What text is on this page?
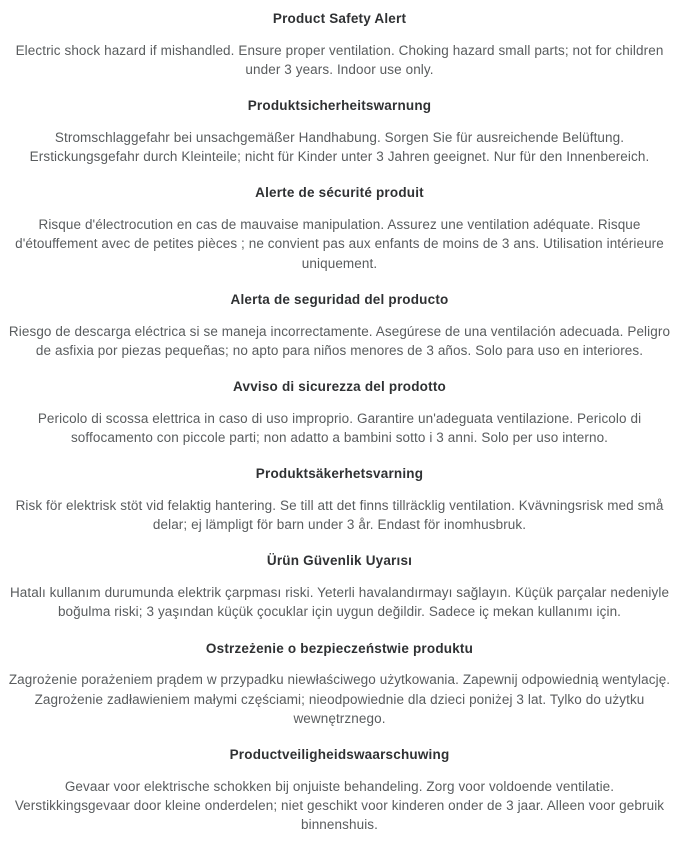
Product Safety Alert
Electric shock hazard if mishandled. Ensure proper ventilation. Choking hazard small parts; not for children under 3 years. Indoor use only.
Produktsicherheitswarnung
Stromschlaggefahr bei unsachgemäßer Handhabung. Sorgen Sie für ausreichende Belüftung. Erstickungsgefahr durch Kleinteile; nicht für Kinder unter 3 Jahren geeignet. Nur für den Innenbereich.
Alerte de sécurité produit
Risque d'électrocution en cas de mauvaise manipulation. Assurez une ventilation adéquate. Risque d'étouffement avec de petites pièces ; ne convient pas aux enfants de moins de 3 ans. Utilisation intérieure uniquement.
Alerta de seguridad del producto
Riesgo de descarga eléctrica si se maneja incorrectamente. Asegúrese de una ventilación adecuada. Peligro de asfixia por piezas pequeñas; no apto para niños menores de 3 años. Solo para uso en interiores.
Avviso di sicurezza del prodotto
Pericolo di scossa elettrica in caso di uso improprio. Garantire un'adeguata ventilazione. Pericolo di soffocamento con piccole parti; non adatto a bambini sotto i 3 anni. Solo per uso interno.
Produktsäkerhetsvarning
Risk för elektrisk stöt vid felaktig hantering. Se till att det finns tillräcklig ventilation. Kvävningsrisk med små delar; ej lämpligt för barn under 3 år. Endast för inomhusbruk.
Ürün Güvenlik Uyarısı
Hatalı kullanım durumunda elektrik çarpması riski. Yeterli havalandırmayı sağlayın. Küçük parçalar nedeniyle boğulma riski; 3 yaşından küçük çocuklar için uygun değildir. Sadece iç mekan kullanımı için.
Ostrzeżenie o bezpieczeństwie produktu
Zagrożenie porażeniem prądem w przypadku niewłaściwego użytkowania. Zapewnij odpowiednią wentylację. Zagrożenie zadławieniem małymi częściami; nieodpowiednie dla dzieci poniżej 3 lat. Tylko do użytku wewnętrznego.
Productveiligheidswaarschuwing
Gevaar voor elektrische schokken bij onjuiste behandeling. Zorg voor voldoende ventilatie. Verstikkingsgevaar door kleine onderdelen; niet geschikt voor kinderen onder de 3 jaar. Alleen voor gebruik binnenshuis.
